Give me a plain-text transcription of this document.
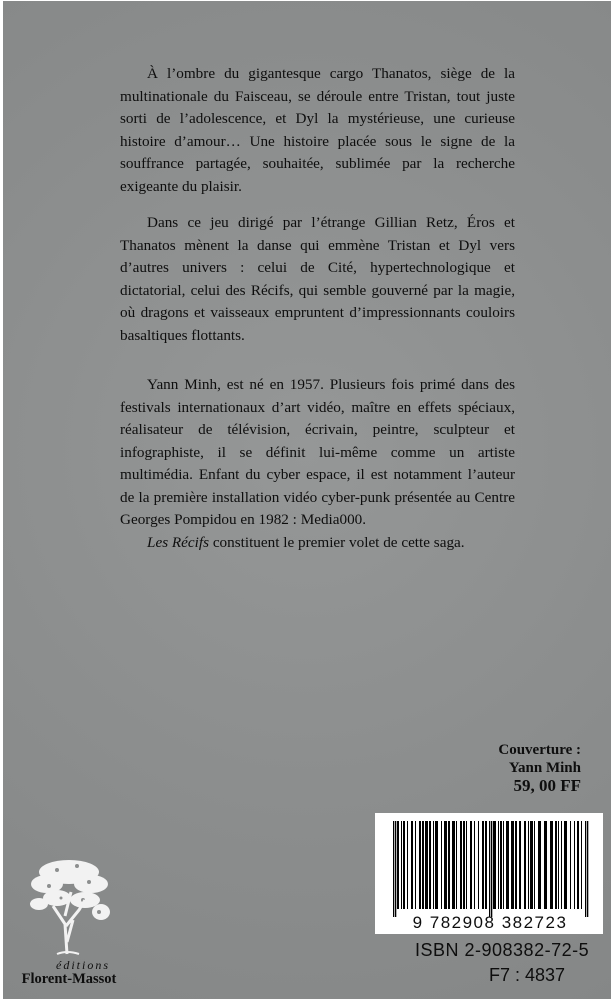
À l’ombre du gigantesque cargo Thanatos, siège de la multinationale du Faisceau, se déroule entre Tristan, tout juste sorti de l’adolescence, et Dyl la mystérieuse, une curieuse histoire d’amour… Une histoire placée sous le signe de la souffrance partagée, souhaitée, sublimée par la recherche exigeante du plaisir.

Dans ce jeu dirigé par l’étrange Gillian Retz, Éros et Thanatos mènent la danse qui emmène Tristan et Dyl vers d’autres univers : celui de Cité, hypertechnologique et dictatorial, celui des Récifs, qui semble gouverné par la magie, où dragons et vaisseaux empruntent d’impressionnants couloirs basaltiques flottants.

Yann Minh, est né en 1957. Plusieurs fois primé dans des festivals internationaux d’art vidéo, maître en effets spéciaux, réalisateur de télévision, écrivain, peintre, sculpteur et infographiste, il se définit lui-même comme un artiste multimédia. Enfant du cyber espace, il est notamment l’auteur de la première installation vidéo cyber-punk présentée au Centre Georges Pompidou en 1982 : Media000.

Les Récifs constituent le premier volet de cette saga.

Couverture :
Yann Minh
59, 00 FF
9 782908 382723
ISBN 2-908382-72-5
F7 : 4837
éditions
Florent-Massot
